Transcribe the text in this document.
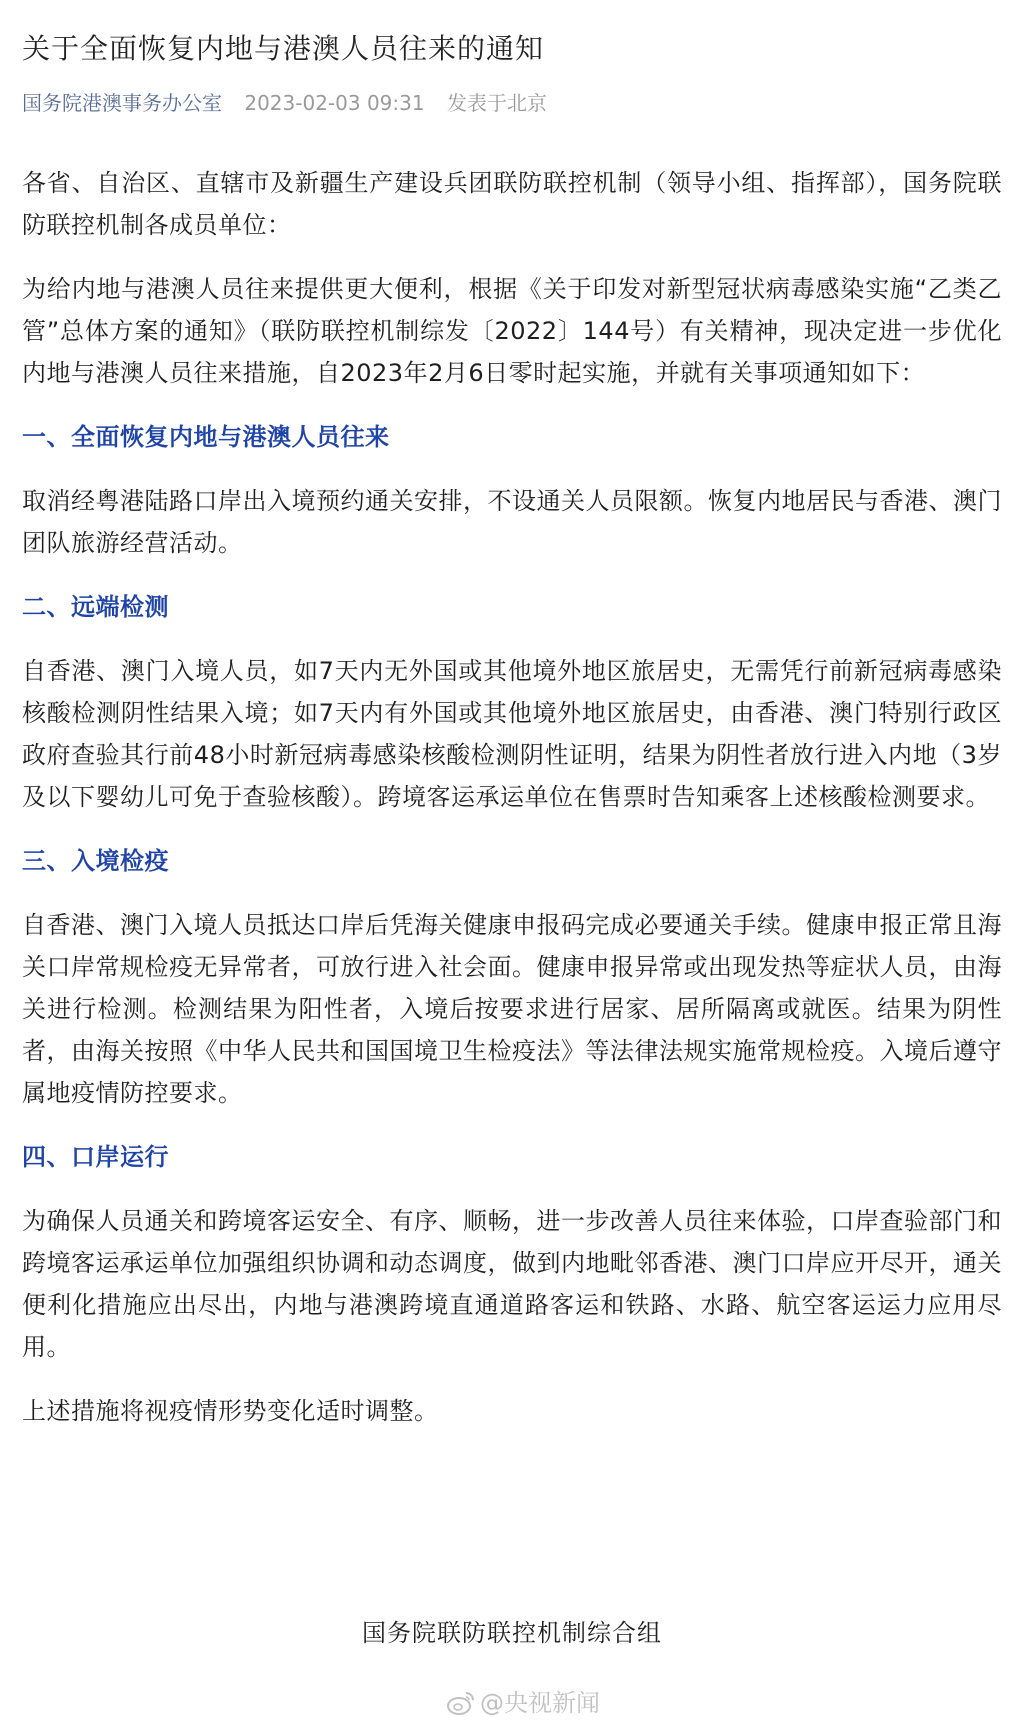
关于全面恢复内地与港澳人员往来的通知
国务院港澳事务办公室 2023-02-03 09:31 发表于北京

各省、自治区、直辖市及新疆生产建设兵团联防联控机制（领导小组、指挥部），国务院联防联控机制各成员单位：

为给内地与港澳人员往来提供更大便利，根据《关于印发对新型冠状病毒感染实施“乙类乙管”总体方案的通知》（联防联控机制综发〔2022〕144号）有关精神，现决定进一步优化内地与港澳人员往来措施，自2023年2月6日零时起实施，并就有关事项通知如下：

一、全面恢复内地与港澳人员往来

取消经粤港陆路口岸出入境预约通关安排，不设通关人员限额。恢复内地居民与香港、澳门团队旅游经营活动。

二、远端检测

自香港、澳门入境人员，如7天内无外国或其他境外地区旅居史，无需凭行前新冠病毒感染核酸检测阴性结果入境；如7天内有外国或其他境外地区旅居史，由香港、澳门特别行政区政府查验其行前48小时新冠病毒感染核酸检测阴性证明，结果为阴性者放行进入内地（3岁及以下婴幼儿可免于查验核酸）。跨境客运承运单位在售票时告知乘客上述核酸检测要求。

三、入境检疫

自香港、澳门入境人员抵达口岸后凭海关健康申报码完成必要通关手续。健康申报正常且海关口岸常规检疫无异常者，可放行进入社会面。健康申报异常或出现发热等症状人员，由海关进行检测。检测结果为阳性者，入境后按要求进行居家、居所隔离或就医。结果为阴性者，由海关按照《中华人民共和国国境卫生检疫法》等法律法规实施常规检疫。入境后遵守属地疫情防控要求。

四、口岸运行

为确保人员通关和跨境客运安全、有序、顺畅，进一步改善人员往来体验，口岸查验部门和跨境客运承运单位加强组织协调和动态调度，做到内地毗邻香港、澳门口岸应开尽开，通关便利化措施应出尽出，内地与港澳跨境直通道路客运和铁路、水路、航空客运运力应用尽用。

上述措施将视疫情形势变化适时调整。

国务院联防联控机制综合组
@央视新闻
